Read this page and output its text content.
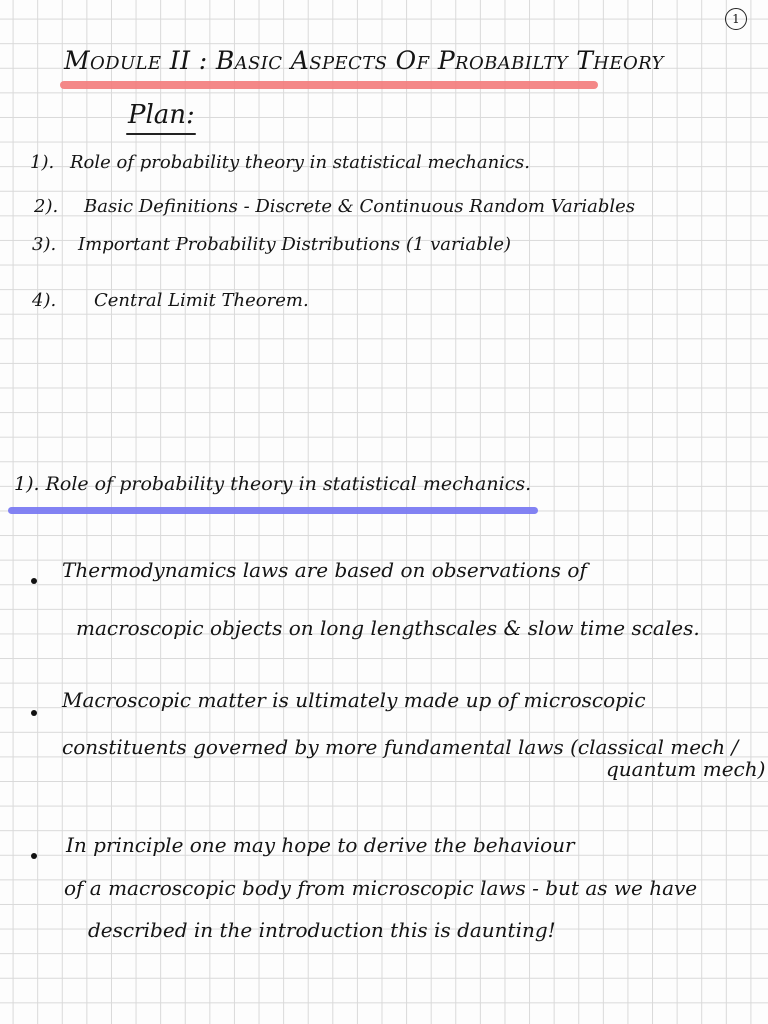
1
Module II : Basic Aspects Of Probabilty Theory
Plan:
1). Role of probability theory in statistical mechanics.
2). Basic Definitions - Discrete & Continuous Random Variables
3). Important Probability Distributions (1 variable)
4). Central Limit Theorem.
1). Role of probability theory in statistical mechanics.
Thermodynamics laws are based on observations of
macroscopic objects on long lengthscales & slow time scales.
Macroscopic matter is ultimately made up of microscopic
constituents governed by more fundamental laws (classical mech /
quantum mech)
In principle one may hope to derive the behaviour
of a macroscopic body from microscopic laws - but as we have
described in the introduction this is daunting!
